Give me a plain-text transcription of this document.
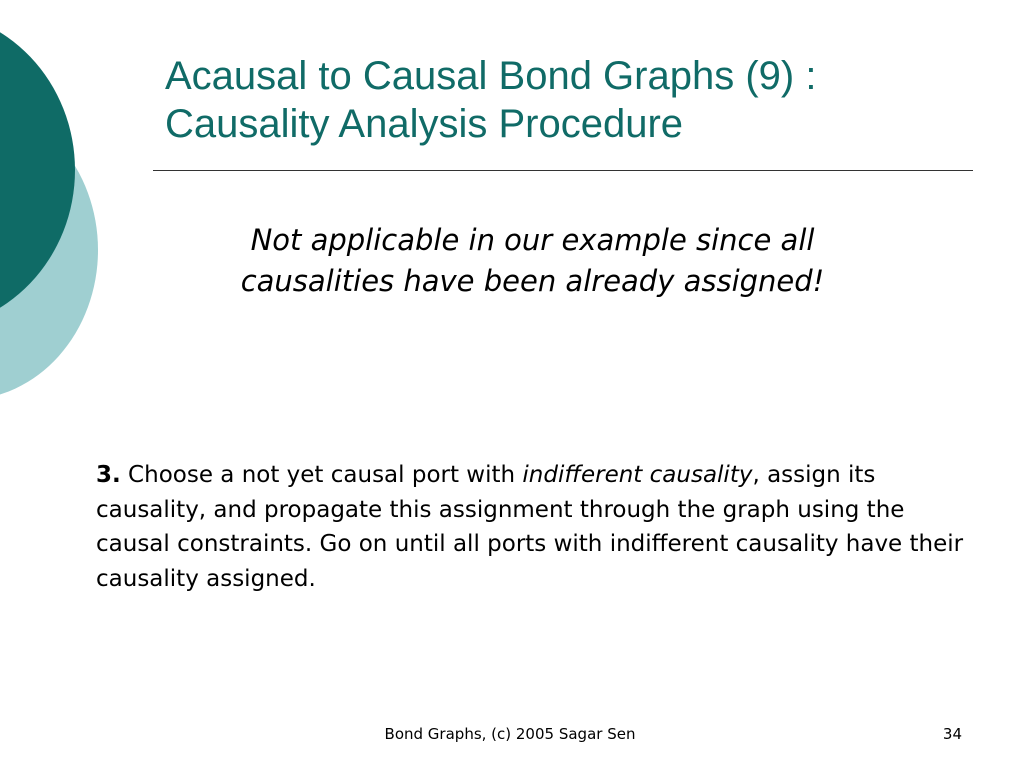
Acausal to Causal Bond Graphs (9) :
Causality Analysis Procedure
Not applicable in our example since all causalities have been already assigned!
3. Choose a not yet causal port with indifferent causality, assign its causality, and propagate this assignment through the graph using the causal constraints. Go on until all ports with indifferent causality have their causality assigned.
Bond Graphs, (c) 2005 Sagar Sen	34
